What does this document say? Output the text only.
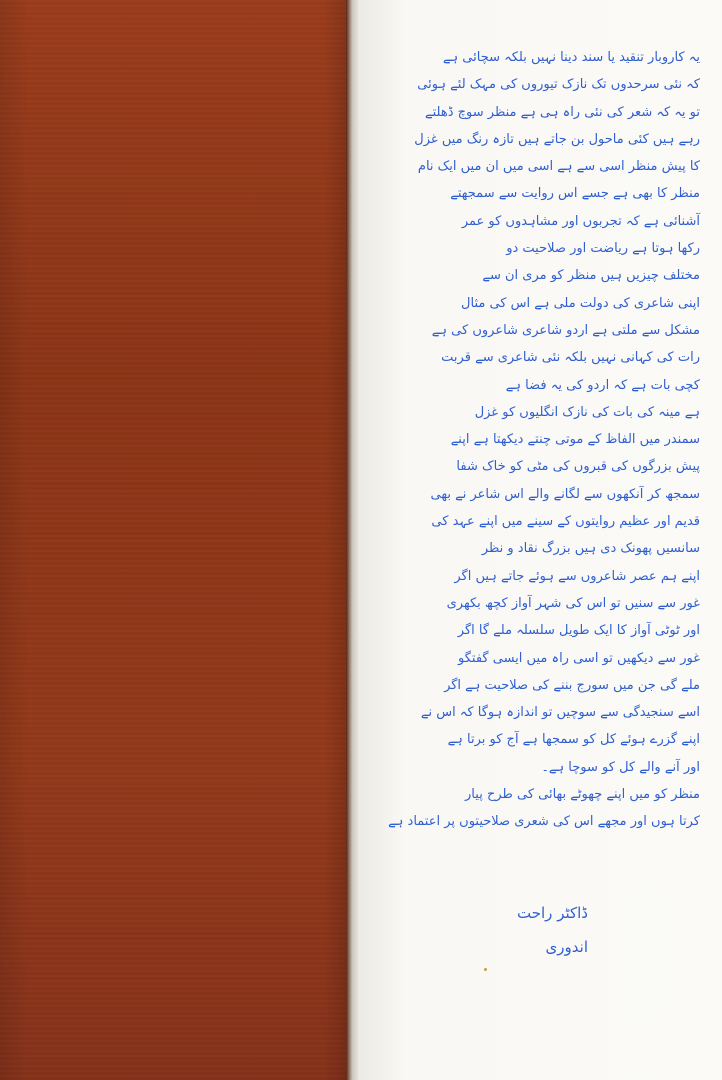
یہ کاروبار تنقید یا سند دینا نہیں بلکہ سچائی ہے
کہ نئی سرحدوں تک نازک تیوروں کی مہک لئے ہوئی
تو یہ کہ شعر کی نئی راہ ہی ہے منظر سوچ ڈھلتے
رہے ہیں کئی ماحول بن جاتے ہیں تازہ رنگ میں غزل
کا پیش منظر اسی سے ہے اسی میں ان میں ایک نام
منظر کا بھی ہے جسے اس روایت سے سمجھتے
آشنائی ہے کہ تجربوں اور مشاہدوں کو عمر
رکھا ہوتا ہے ریاضت اور صلاحیت دو
مختلف چیزیں ہیں منظر کو مری ان سے
اپنی شاعری کی دولت ملی ہے اس کی مثال
مشکل سے ملتی ہے اردو شاعری شاعروں کی ہے
رات کی کہانی نہیں بلکہ نئی شاعری سے قربت
کچی بات ہے کہ اردو کی یہ فضا ہے
ہے مینہ کی بات کی نازک انگلیوں کو غزل
سمندر میں الفاظ کے موتی چنتے دیکھتا ہے اپنے
پیش بزرگوں کی قبروں کی مٹی کو خاک شفا
سمجھ کر آنکھوں سے لگانے والے اس شاعر نے بھی
قدیم اور عظیم روایتوں کے سینے میں اپنے عہد کی
سانسیں پھونک دی ہیں بزرگ نقاد و نظر
اپنے ہم عصر شاعروں سے ہوئے جاتے ہیں اگر
غور سے سنیں تو اس کی شہر آواز کچھ بکھری
اور ٹوٹی آواز کا ایک طویل سلسلہ ملے گا اگر
غور سے دیکھیں تو اسی راہ میں ایسی گفتگو
ملے گی جن میں سورج بننے کی صلاحیت ہے اگر
اسے سنجیدگی سے سوچیں تو اندازہ ہوگا کہ اس نے
اپنے گزرے ہوئے کل کو سمجھا ہے آج کو برتا ہے
اور آنے والے کل کو سوچا ہے۔
منظر کو میں اپنے چھوٹے بھائی کی طرح پیار
کرتا ہوں اور مجھے اس کی شعری صلاحیتوں پر اعتماد ہے
ڈاکٹر راحت اندوری
